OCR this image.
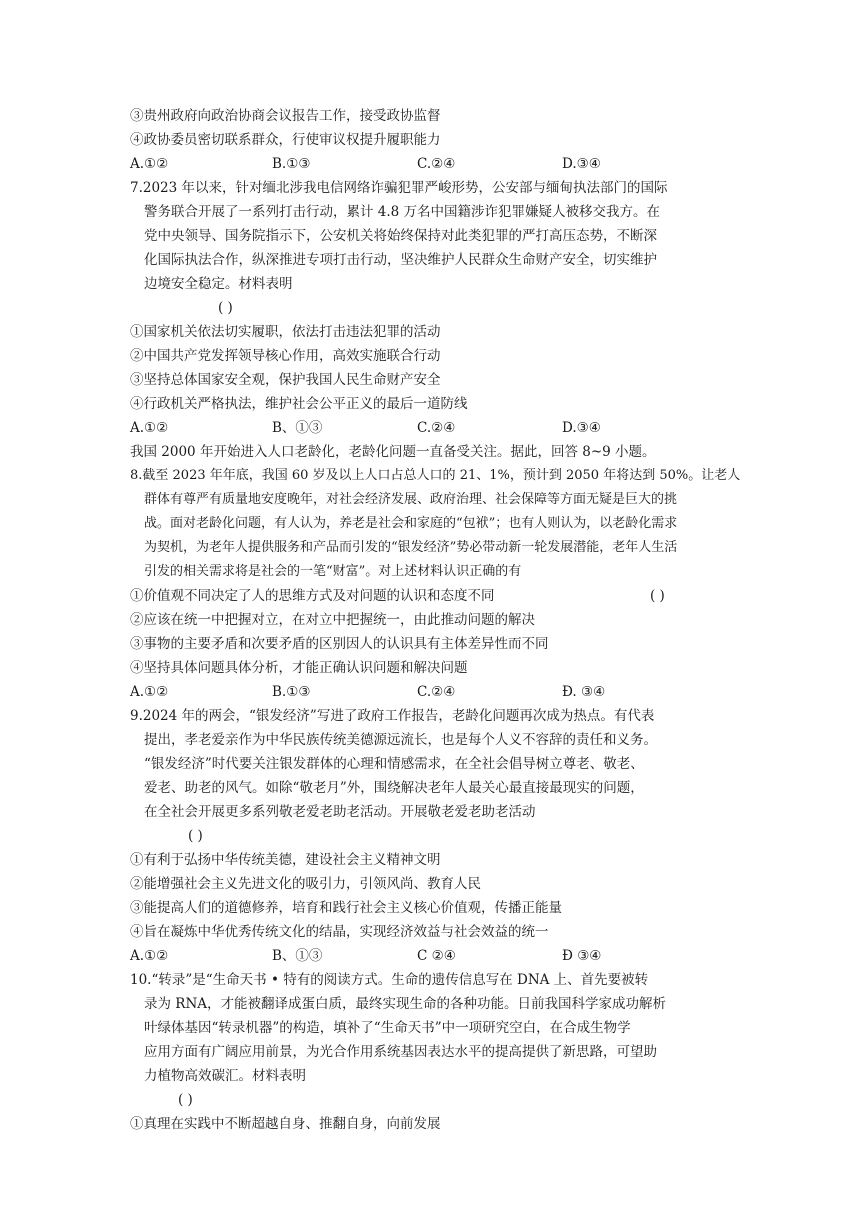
③贵州政府向政治协商会议报告工作，接受政协监督
④政协委员密切联系群众，行使审议权提升履职能力
A.①②	B.①③	C.②④	D.③④
7.2023 年以来，针对缅北涉我电信网络诈骗犯罪严峻形势，公安部与缅甸执法部门的国际
警务联合开展了一系列打击行动，累计 4.8 万名中国籍涉诈犯罪嫌疑人被移交我方。在
党中央领导、国务院指示下，公安机关将始终保持对此类犯罪的严打高压态势，不断深
化国际执法合作，纵深推进专项打击行动，坚决维护人民群众生命财产安全，切实维护
边境安全稳定。材料表明
( )
①国家机关依法切实履职，依法打击违法犯罪的活动
②中国共产党发挥领导核心作用，高效实施联合行动
③坚持总体国家安全观，保护我国人民生命财产安全
④行政机关严格执法，维护社会公平正义的最后一道防线
A.①②	B、①③	C.②④	D.③④
我国 2000 年开始进入人口老龄化，老龄化问题一直备受关注。据此，回答 8~9 小题。
8.截至 2023 年年底，我国 60 岁及以上人口占总人口的 21、1%，预计到 2050 年将达到 50%。让老人
群体有尊严有质量地安度晚年，对社会经济发展、政府治理、社会保障等方面无疑是巨大的挑
战。面对老龄化问题，有人认为，养老是社会和家庭的“包袱”；也有人则认为，以老龄化需求
为契机，为老年人提供服务和产品而引发的“银发经济”势必带动新一轮发展潜能，老年人生活
引发的相关需求将是社会的一笔“财富”。对上述材料认识正确的有
①价值观不同决定了人的思维方式及对问题的认识和态度不同	( )
②应该在统一中把握对立，在对立中把握统一，由此推动问题的解决
③事物的主要矛盾和次要矛盾的区别因人的认识具有主体差异性而不同
④坚持具体问题具体分析，才能正确认识问题和解决问题
A.①②	B.①③	C.②④	Đ. ③④
9.2024 年的两会，“银发经济”写进了政府工作报告，老龄化问题再次成为热点。有代表
提出，孝老爱亲作为中华民族传统美德源远流长，也是每个人义不容辞的责任和义务。
“银发经济”时代要关注银发群体的心理和情感需求，在全社会倡导树立尊老、敬老、
爱老、助老的风气。如除“敬老月”外，围绕解决老年人最关心最直接最现实的问题，
在全社会开展更多系列敬老爱老助老活动。开展敬老爱老助老活动
( )
①有利于弘扬中华传统美德，建设社会主义精神文明
②能增强社会主义先进文化的吸引力，引领风尚、教育人民
③能提高人们的道德修养，培育和践行社会主义核心价值观，传播正能量
④旨在凝炼中华优秀传统文化的结晶，实现经济效益与社会效益的统一
A.①②	B、①③	C ②④	Đ ③④
10.“转录”是“生命天书 • 特有的阅读方式。生命的遗传信息写在 DNA 上、首先要被转
录为 RNA，才能被翻译成蛋白质，最终实现生命的各种功能。日前我国科学家成功解析
叶绿体基因“转录机器”的构造，填补了“生命天书”中一项研究空白，在合成生物学
应用方面有广阔应用前景，为光合作用系统基因表达水平的提高提供了新思路，可望助
力植物高效碳汇。材料表明
( )
①真理在实践中不断超越自身、推翻自身，向前发展
